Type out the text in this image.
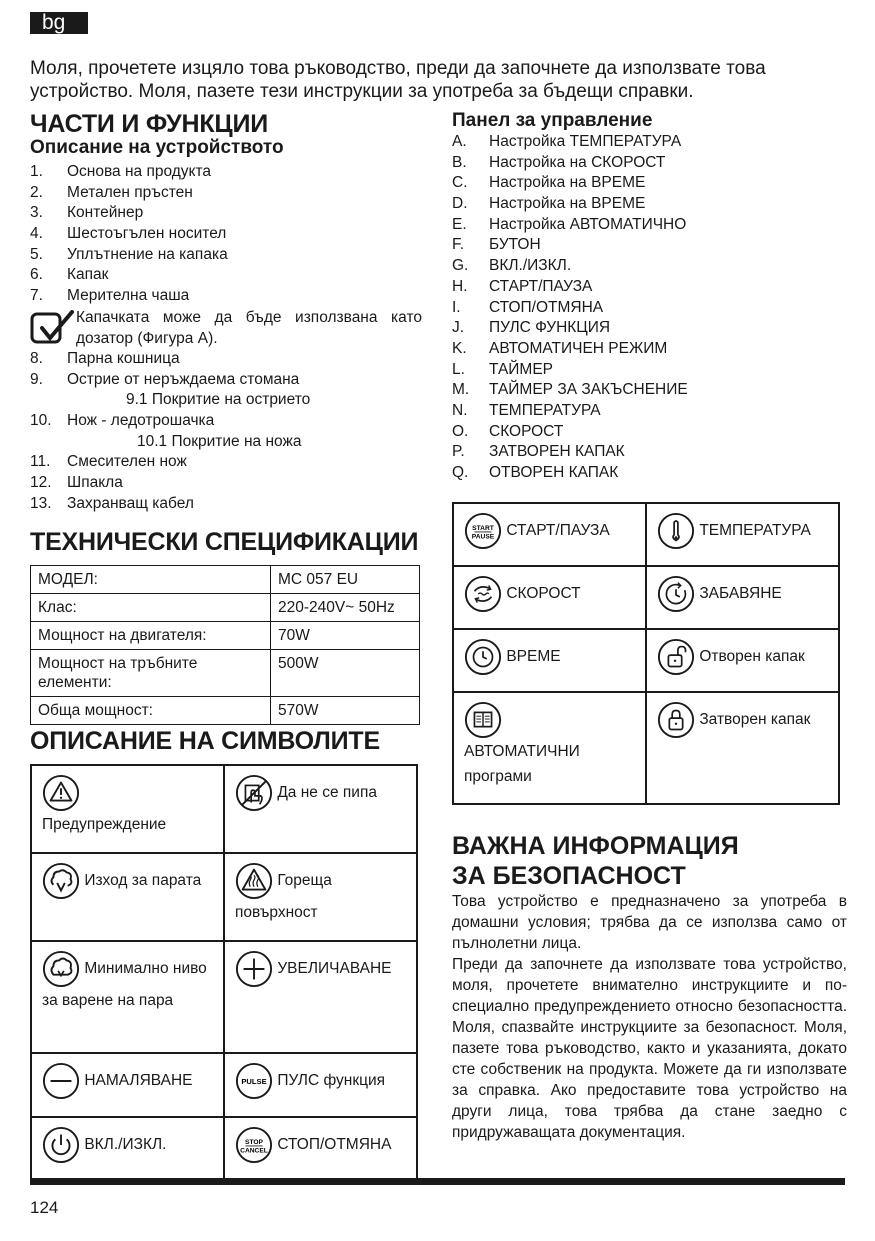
bg

Моля, прочетете изцяло това ръководство, преди да започнете да използвате това устройство. Моля, пазете тези инструкции за употреба за бъдещи справки.

ЧАСТИ И ФУНКЦИИ
Описание на устройството
1.	Основа на продукта
2.	Метален пръстен
3.	Контейнер
4.	Шестоъгълен носител
5.	Уплътнение на капака
6.	Капак
7.	Мерителна чаша

Капачката може да бъде използвана като дозатор (Фигура А).

8.	Парна кошница
9.	Острие от неръждаема стомана
9.1 Покритие на острието
10. Нож - ледотрошачка
10.1 Покритие на ножа
11.	Смесителен нож
12. Шпакла
13. Захранващ кабел
ТЕХНИЧЕСКИ СПЕЦИФИКАЦИИ
МОДЕЛ:	MC 057 EU
Клас:	220-240V~ 50Hz
Мощност на двигателя:	70W
Мощност на тръбните елементи:	500W
Обща мощност:	570W
ОПИСАНИЕ НА СИМВОЛИТЕ

Предупреждение	Да не се пипа

Изход за парата	Гореща повърхност

Минимално ниво за варене на пара	УВЕЛИЧАВАНЕ

НАМАЛЯВАНЕ	PULSE ПУЛС функция

ВКЛ./ИЗКЛ.	STOP
CANCEL СТОП/ОТМЯНА
Панел за управление
A.	Настройка ТЕМПЕРАТУРА
B.	Настройка на СКОРОСТ
C.	Настройка на ВРЕМЕ
D.	Настройка на ВРЕМЕ
E.	Настройка АВТОМАТИЧНО
F.	БУТОН
G.	ВКЛ./ИЗКЛ.
H.	СТАРТ/ПАУЗА
I.	СТОП/ОТМЯНА
J.	ПУЛС ФУНКЦИЯ
K.	АВТОМАТИЧЕН РЕЖИМ
L.	ТАЙМЕР
M.	ТАЙМЕР ЗА ЗАКЪСНЕНИЕ
N.	ТЕМПЕРАТУРА
O.	СКОРОСТ
P.	ЗАТВОРЕН КАПАК
Q.	ОТВОРЕН КАПАК
START
PAUSE СТАРТ/ПАУЗА	ТЕМПЕРАТУРА

СКОРОСТ	ЗАБАВЯНЕ

ВРЕМЕ	Отворен капак

АВТОМАТИЧНИ програми	Затворен капак
ВАЖНА ИНФОРМАЦИЯ
ЗА БЕЗОПАСНОСТ

Това устройство е предназначено за употреба в домашни условия; трябва да се използва само от пълнолетни лица.

Преди да започнете да използвате това устройство, моля, прочетете внимателно инструкциите и по-специално предупреждението относно безопасността. Моля, спазвайте инструкциите за безопасност. Моля, пазете това ръководство, както и указанията, докато сте собственик на продукта. Можете да ги използвате за справка. Ако предоставите това устройство на други лица, това трябва да стане заедно с придружаващата документация.

124
